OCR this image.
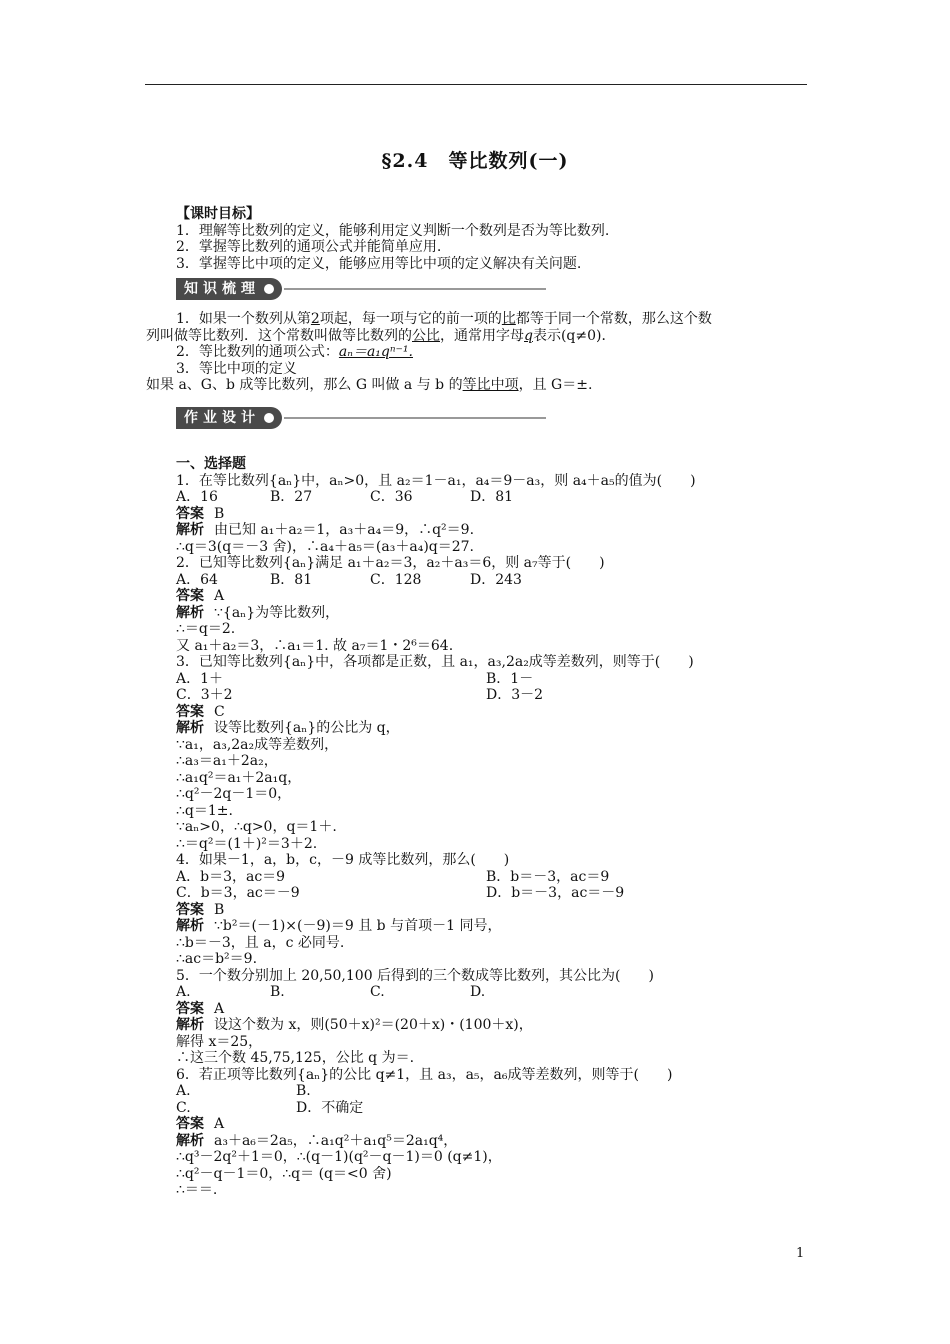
§2.4　等比数列(一)
【课时目标】
1．理解等比数列的定义，能够利用定义判断一个数列是否为等比数列.
2．掌握等比数列的通项公式并能简单应用.
3．掌握等比中项的定义，能够应用等比中项的定义解决有关问题.
知识梳理
1．如果一个数列从第2项起，每一项与它的前一项的比都等于同一个常数，那么这个数
列叫做等比数列．这个常数叫做等比数列的公比，通常用字母q表示(q≠0)．
2．等比数列的通项公式：aₙ＝a₁qⁿ⁻¹.
3．等比中项的定义
如果 a、G、b 成等比数列，那么 G 叫做 a 与 b 的等比中项，且 G＝±.
作业设计
一、选择题
1．在等比数列{aₙ}中，aₙ>0，且 a₂＝1－a₁，a₄＝9－a₃，则 a₄＋a₅的值为(　　)
A．16	B．27	C．36	D．81
答案 B
解析 由已知 a₁＋a₂＝1，a₃＋a₄＝9，∴q²＝9.
∴q＝3(q＝－3 舍)，∴a₄＋a₅＝(a₃＋a₄)q＝27.
2．已知等比数列{aₙ}满足 a₁＋a₂＝3，a₂＋a₃＝6，则 a₇等于(　　)
A．64	B．81	C．128	D．243
答案 A
解析 ∵{aₙ}为等比数列，
∴＝q＝2.
又 a₁＋a₂＝3，∴a₁＝1. 故 a₇＝1・2⁶＝64.
3．已知等比数列{aₙ}中，各项都是正数，且 a₁，a₃,2a₂成等差数列，则等于(　　)
A．1＋	B．1－
C．3＋2	D．3－2
答案 C
解析 设等比数列{aₙ}的公比为 q，
∵a₁，a₃,2a₂成等差数列，
∴a₃＝a₁＋2a₂，
∴a₁q²＝a₁＋2a₁q，
∴q²－2q－1＝0，
∴q＝1±.
∵aₙ>0，∴q>0，q＝1＋.
∴＝q²＝(1＋)²＝3＋2.
4．如果－1，a，b，c，－9 成等比数列，那么(　　)
A．b＝3，ac＝9	B．b＝－3，ac＝9
C．b＝3，ac＝－9	D．b＝－3，ac＝－9
答案 B
解析 ∵b²＝(－1)×(－9)＝9 且 b 与首项－1 同号，
∴b＝－3，且 a，c 必同号.
∴ac＝b²＝9.
5．一个数分别加上 20,50,100 后得到的三个数成等比数列，其公比为(　　)
A.	B.	C.	D.
答案 A
解析 设这个数为 x，则(50＋x)²＝(20＋x)・(100＋x)，
解得 x＝25，
∴这三个数 45,75,125，公比 q 为＝.
6．若正项等比数列{aₙ}的公比 q≠1，且 a₃，a₅，a₆成等差数列，则等于(　　)
A.	B.
C.	D．不确定
答案 A
解析 a₃＋a₆＝2a₅，∴a₁q²＋a₁q⁵＝2a₁q⁴，
∴q³－2q²＋1＝0，∴(q－1)(q²－q－1)＝0 (q≠1)，
∴q²－q－1＝0，∴q＝ (q＝<0 舍)
∴＝＝.
1
